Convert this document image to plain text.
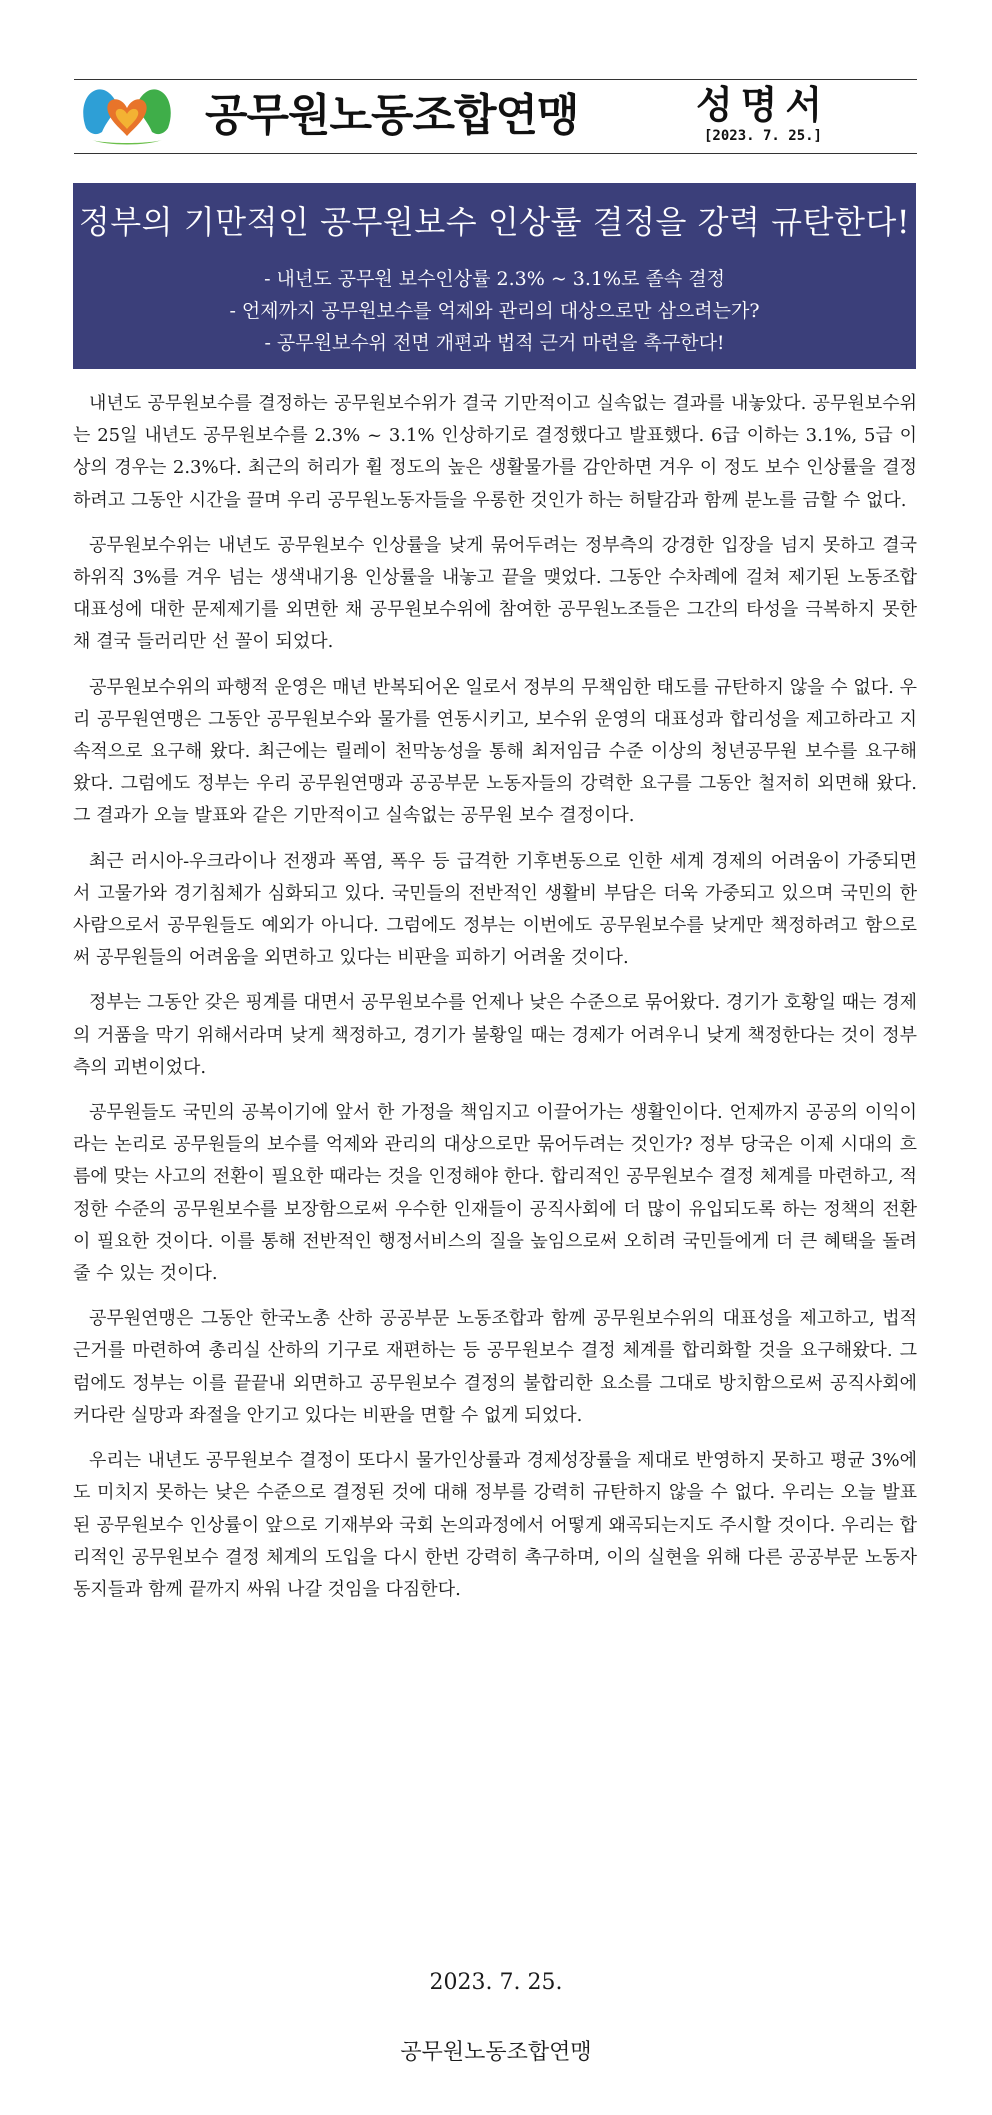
공무원노동조합연맹	성명서
[2023. 7. 25.]
정부의 기만적인 공무원보수 인상률 결정을 강력 규탄한다!
- 내년도 공무원 보수인상률 2.3% ~ 3.1%로 졸속 결정
- 언제까지 공무원보수를 억제와 관리의 대상으로만 삼으려는가?
- 공무원보수위 전면 개편과 법적 근거 마련을 촉구한다!

내년도 공무원보수를 결정하는 공무원보수위가 결국 기만적이고 실속없는 결과를 내놓았다. 공무원보수위는 25일 내년도 공무원보수를 2.3% ~ 3.1% 인상하기로 결정했다고 발표했다. 6급 이하는 3.1%, 5급 이상의 경우는 2.3%다. 최근의 허리가 휠 정도의 높은 생활물가를 감안하면 겨우 이 정도 보수 인상률을 결정하려고 그동안 시간을 끌며 우리 공무원노동자들을 우롱한 것인가 하는 허탈감과 함께 분노를 금할 수 없다.

공무원보수위는 내년도 공무원보수 인상률을 낮게 묶어두려는 정부측의 강경한 입장을 넘지 못하고 결국 하위직 3%를 겨우 넘는 생색내기용 인상률을 내놓고 끝을 맺었다. 그동안 수차례에 걸쳐 제기된 노동조합 대표성에 대한 문제제기를 외면한 채 공무원보수위에 참여한 공무원노조들은 그간의 타성을 극복하지 못한 채 결국 들러리만 선 꼴이 되었다.

공무원보수위의 파행적 운영은 매년 반복되어온 일로서 정부의 무책임한 태도를 규탄하지 않을 수 없다. 우리 공무원연맹은 그동안 공무원보수와 물가를 연동시키고, 보수위 운영의 대표성과 합리성을 제고하라고 지속적으로 요구해 왔다. 최근에는 릴레이 천막농성을 통해 최저임금 수준 이상의 청년공무원 보수를 요구해 왔다. 그럼에도 정부는 우리 공무원연맹과 공공부문 노동자들의 강력한 요구를 그동안 철저히 외면해 왔다. 그 결과가 오늘 발표와 같은 기만적이고 실속없는 공무원 보수 결정이다.

최근 러시아-우크라이나 전쟁과 폭염, 폭우 등 급격한 기후변동으로 인한 세계 경제의 어려움이 가중되면서 고물가와 경기침체가 심화되고 있다. 국민들의 전반적인 생활비 부담은 더욱 가중되고 있으며 국민의 한 사람으로서 공무원들도 예외가 아니다. 그럼에도 정부는 이번에도 공무원보수를 낮게만 책정하려고 함으로써 공무원들의 어려움을 외면하고 있다는 비판을 피하기 어려울 것이다.

정부는 그동안 갖은 핑계를 대면서 공무원보수를 언제나 낮은 수준으로 묶어왔다. 경기가 호황일 때는 경제의 거품을 막기 위해서라며 낮게 책정하고, 경기가 불황일 때는 경제가 어려우니 낮게 책정한다는 것이 정부측의 괴변이었다.

공무원들도 국민의 공복이기에 앞서 한 가정을 책임지고 이끌어가는 생활인이다. 언제까지 공공의 이익이라는 논리로 공무원들의 보수를 억제와 관리의 대상으로만 묶어두려는 것인가? 정부 당국은 이제 시대의 흐름에 맞는 사고의 전환이 필요한 때라는 것을 인정해야 한다. 합리적인 공무원보수 결정 체계를 마련하고, 적정한 수준의 공무원보수를 보장함으로써 우수한 인재들이 공직사회에 더 많이 유입되도록 하는 정책의 전환이 필요한 것이다. 이를 통해 전반적인 행정서비스의 질을 높임으로써 오히려 국민들에게 더 큰 혜택을 돌려줄 수 있는 것이다.

공무원연맹은 그동안 한국노총 산하 공공부문 노동조합과 함께 공무원보수위의 대표성을 제고하고, 법적 근거를 마련하여 총리실 산하의 기구로 재편하는 등 공무원보수 결정 체계를 합리화할 것을 요구해왔다. 그럼에도 정부는 이를 끝끝내 외면하고 공무원보수 결정의 불합리한 요소를 그대로 방치함으로써 공직사회에 커다란 실망과 좌절을 안기고 있다는 비판을 면할 수 없게 되었다.

우리는 내년도 공무원보수 결정이 또다시 물가인상률과 경제성장률을 제대로 반영하지 못하고 평균 3%에도 미치지 못하는 낮은 수준으로 결정된 것에 대해 정부를 강력히 규탄하지 않을 수 없다. 우리는 오늘 발표된 공무원보수 인상률이 앞으로 기재부와 국회 논의과정에서 어떻게 왜곡되는지도 주시할 것이다. 우리는 합리적인 공무원보수 결정 체계의 도입을 다시 한번 강력히 촉구하며, 이의 실현을 위해 다른 공공부문 노동자 동지들과 함께 끝까지 싸워 나갈 것임을 다짐한다.

2023. 7. 25.
공무원노동조합연맹
